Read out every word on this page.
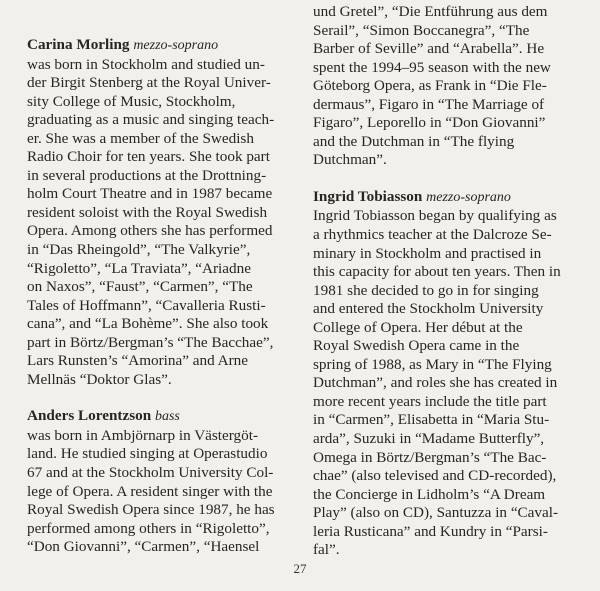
Carina Morling mezzo-soprano
was born in Stockholm and studied un-
der Birgit Stenberg at the Royal Univer-
sity College of Music, Stockholm,
graduating as a music and singing teach-
er. She was a member of the Swedish
Radio Choir for ten years. She took part
in several productions at the Drottning-
holm Court Theatre and in 1987 became
resident soloist with the Royal Swedish
Opera. Among others she has performed
in “Das Rheingold”, “The Valkyrie”,
“Rigoletto”, “La Traviata”, “Ariadne
on Naxos”, “Faust”, “Carmen”, “The
Tales of Hoffmann”, “Cavalleria Rusti-
cana”, and “La Bohème”. She also took
part in Börtz/Bergman’s “The Bacchae”,
Lars Runsten’s “Amorina” and Arne
Mellnäs “Doktor Glas”.
Anders Lorentzson bass
was born in Ambjörnarp in Västergöt-
land. He studied singing at Operastudio
67 and at the Stockholm University Col-
lege of Opera. A resident singer with the
Royal Swedish Opera since 1987, he has
performed among others in “Rigoletto”,
“Don Giovanni”, “Carmen”, “Haensel
und Gretel”, “Die Entführung aus dem
Serail”, “Simon Boccanegra”, “The
Barber of Seville” and “Arabella”. He
spent the 1994–95 season with the new
Göteborg Opera, as Frank in “Die Fle-
dermaus”, Figaro in “The Marriage of
Figaro”, Leporello in “Don Giovanni”
and the Dutchman in “The flying
Dutchman”.
Ingrid Tobiasson mezzo-soprano
Ingrid Tobiasson began by qualifying as
a rhythmics teacher at the Dalcroze Se-
minary in Stockholm and practised in
this capacity for about ten years. Then in
1981 she decided to go in for singing
and entered the Stockholm University
College of Opera. Her début at the
Royal Swedish Opera came in the
spring of 1988, as Mary in “The Flying
Dutchman”, and roles she has created in
more recent years include the title part
in “Carmen”, Elisabetta in “Maria Stu-
arda”, Suzuki in “Madame Butterfly”,
Omega in Börtz/Bergman’s “The Bac-
chae” (also televised and CD-recorded),
the Concierge in Lidholm’s “A Dream
Play” (also on CD), Santuzza in “Caval-
leria Rusticana” and Kundry in “Parsi-
fal”.
27
